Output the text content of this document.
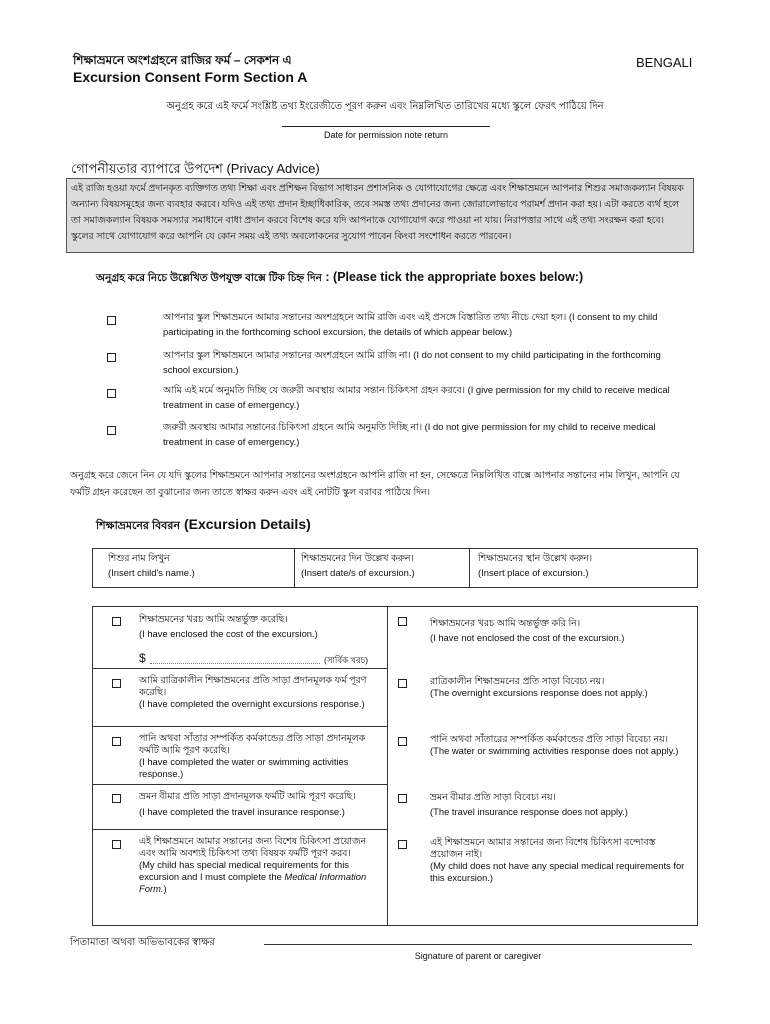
শিক্ষাভ্রমনে অংশগ্রহনে রাজির ফর্ম – সেকশন এ
Excursion Consent Form Section A
BENGALI
অনুগ্রহ করে এই ফর্মে সংশ্লিষ্ট তথ্য ইংরেজীতে পূরণ করুন এবং নিম্নলিখিত তারিখের মধ্যে স্কুলে ফেরৎ পাঠিয়ে দিন
Date for permission note return
গোপনীয়তার ব্যাপারে উপদেশ (Privacy Advice)
এই রাজি হওয়া ফর্মে প্রদানকৃত ব্যক্তিগত তথ্য শিক্ষা এবং প্রশিক্ষন বিভাগ সাধারন প্রশাসনিক ও যোগাযোগের ক্ষেত্রে এবং শিক্ষাভ্রমনে আপনার শিশুর সমাজকল্যান বিষয়ক অন্যান্য বিষয়সমূহের জন্য ব্যবহার করবে। যদিও এই তথ্য প্রদান ইচ্ছাধিকারিক, তবে সমস্ত তথ্য প্রদানের জন্য জোরালোভাবে পরামর্শ প্রদান করা হয়। এটা করতে ব্যর্থ হলে তা সমাজকল্যান বিষয়ক সমস্যার সমাধানে বাধা প্রদান করবে বিশেষ করে যদি আপনাকে যোগাযোগ করে পাওয়া না যায়। নিরাপত্তার সাথে এই তথ্য সংরক্ষন করা হবে। স্কুলের সাথে যোগাযোগ করে আপনি যে কোন সময় এই তথ্য অবলোকনের সুযোগ পাবেন কিংবা সংশোধন করতে পারবেন।
অনুগ্রহ করে নিচে উল্লেখিত উপযুক্ত বাক্সে টিক চিহ্ন দিন : (Please tick the appropriate boxes below:)
আপনার স্কুল শিক্ষাভ্রমনে আমার সন্তানের অংশগ্রহনে আমি রাজি এবং এই প্রসঙ্গে বিস্তারিত তথ্য নীচে দেয়া হল। (I consent to my child participating in the forthcoming school excursion, the details of which appear below.)
আপনার স্কুল শিক্ষাভ্রমনে আমার সন্তানের অংশগ্রহনে আমি রাজি না। (I do not consent to my child participating in the forthcoming school excursion.)
আমি এই মর্মে অনুমতি দিচ্ছি যে জরুরী অবস্থায় আমার সন্তান চিকিৎসা গ্রহন করবে। (I give permission for my child to receive medical treatment in case of emergency.)
জরুরী অবস্থায় আমার সন্তানের চিকিৎসা গ্রহনে আমি অনুমতি দিচ্ছি না। (I do not give permission for my child to receive medical treatment in case of emergency.)
অনুগ্রহ করে জেনে নিন যে যদি স্কুলের শিক্ষাভ্রমনে আপনার সন্তানের অংশগ্রহনে আপনি রাজি না হন, সেক্ষেত্রে নিম্নলিখিত বাক্সে আপনার সন্তানের নাম লিখুন, আপনি যে ফর্মটি গ্রহন করেছেন তা বুঝানোর জন্য তাতে স্বাক্ষর করুন এবং এই নোটটি স্কুল বরাবর পাঠিয়ে দিন।
শিক্ষাভ্রমনের বিবরন (Excursion Details)
শিশুর নাম লিখুন
(Insert child's name.)
শিক্ষাভ্রমনের দিন উল্লেখ করুন।
(Insert date/s of excursion.)
শিক্ষাভ্রমনের স্থান উল্লেখ করুন।
(Insert place of excursion.)
শিক্ষাভ্রমনের খরচ আমি অন্তর্ভুক্ত করেছি।
(I have enclosed the cost of the excursion.)
$	(সার্বিক খরচ)
আমি রাত্রিকালীন শিক্ষাভ্রমনের প্রতি সাড়া প্রদানমূলক ফর্ম পূরণ করেছি।
(I have completed the overnight excursions response.)
পানি অথবা সাঁতার সম্পর্কিত কর্মকান্ডের প্রতি সাড়া প্রদানমূলক ফর্মটি আমি পূরণ করেছি।
(I have completed the water or swimming activities response.)
ভ্রমন বীমার প্রতি সাড়া প্রদানমূলক ফর্মটি আমি পূরণ করেছি।
(I have completed the travel insurance response.)
এই শিক্ষাভ্রমনে আমার সন্তানের জন্য বিশেষ চিকিৎসা প্রয়োজন এবং আমি অবশ্যই চিকিৎসা তথ্য বিষয়ক ফর্মটি পূরণ করব।
(My child has special medical requirements for this excursion and I must complete the Medical Information Form.)
শিক্ষাভ্রমনের খরচ আমি অন্তর্ভুক্ত করি নি।
(I have not enclosed the cost of the excursion.)
রাত্রিকালীন শিক্ষাভ্রমনের প্রতি সাড়া বিবেচ্য নয়।
(The overnight excursions response does not apply.)
পানি অথবা সাঁতারের সম্পর্কিত কর্মকান্ডের প্রতি সাড়া বিবেচ্য নয়।
(The water or swimming activities response does not apply.)
ভ্রমন বীমার প্রতি সাড়া বিবেচ্য নয়।
(The travel insurance response does not apply.)
এই শিক্ষাভ্রমনে আমার সন্তানের জন্য বিশেষ চিকিৎসা বন্দোবস্ত প্রয়োজন নাই।
(My child does not have any special medical requirements for this excursion.)
পিতামাতা অথবা অভিভাবকের স্বাক্ষর
Signature of parent or caregiver
